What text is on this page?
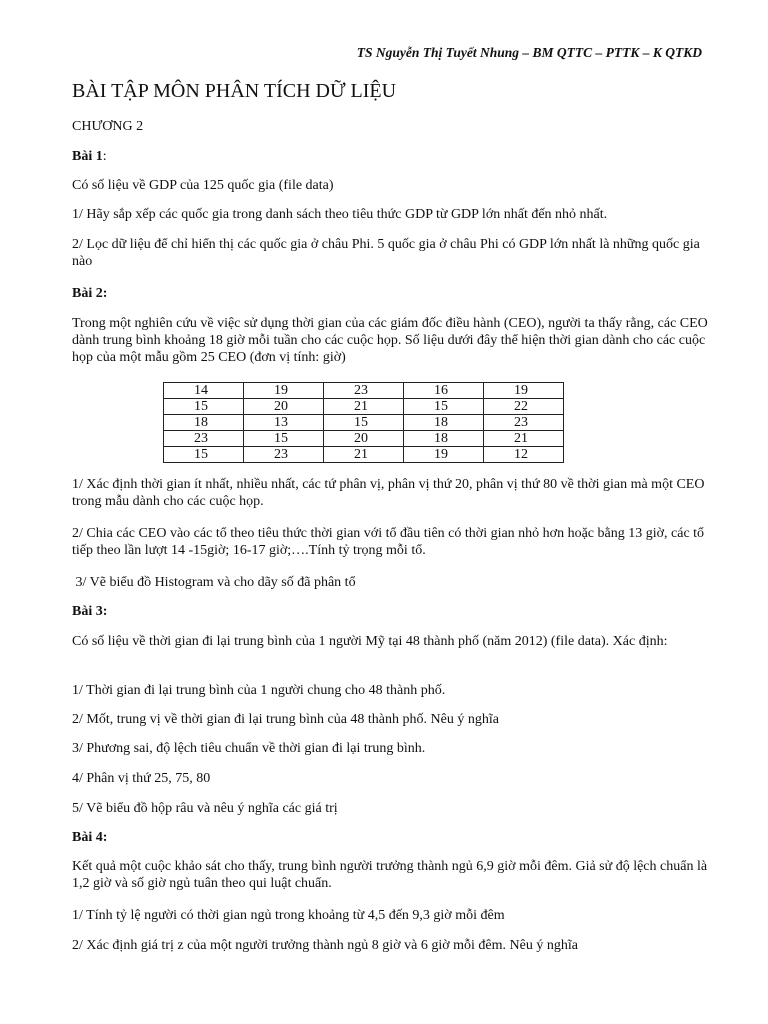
TS Nguyễn Thị Tuyết Nhung – BM QTTC – PTTK – K QTKD
BÀI TẬP MÔN PHÂN TÍCH DỮ LIỆU

CHƯƠNG 2

Bài 1:

Có số liệu về GDP của 125 quốc gia (file data)

1/ Hãy sắp xếp các quốc gia trong danh sách theo tiêu thức GDP từ GDP lớn nhất đến nhỏ nhất.

2/ Lọc dữ liệu để chỉ hiển thị các quốc gia ở châu Phi. 5 quốc gia ở châu Phi có GDP lớn nhất là những quốc gia nào

Bài 2:

Trong một nghiên cứu về việc sử dụng thời gian của các giám đốc điều hành (CEO), người ta thấy rằng, các CEO dành trung bình khoảng 18 giờ mỗi tuần cho các cuộc họp. Số liệu dưới đây thể hiện thời gian dành cho các cuộc họp của một mẫu gồm 25 CEO (đơn vị tính: giờ)

14	19	23	16	19
15	20	21	15	22
18	13	15	18	23
23	15	20	18	21
15	23	21	19	12

1/ Xác định thời gian ít nhất, nhiều nhất, các tứ phân vị, phân vị thứ 20, phân vị thứ 80 về thời gian mà một CEO trong mẫu dành cho các cuộc họp.

2/ Chia các CEO vào các tổ theo tiêu thức thời gian với tổ đầu tiên có thời gian nhỏ hơn hoặc bằng 13 giờ, các tổ tiếp theo lần lượt 14 -15giờ; 16-17 giờ;….Tính tỷ trọng mỗi tổ.

3/ Vẽ biểu đồ Histogram và cho dãy số đã phân tổ

Bài 3:

Có số liệu về thời gian đi lại trung bình của 1 người Mỹ tại 48 thành phố (năm 2012) (file data). Xác định:

1/ Thời gian đi lại trung bình của 1 người chung cho 48 thành phố.

2/ Mốt, trung vị về thời gian đi lại trung bình của 48 thành phố. Nêu ý nghĩa

3/ Phương sai, độ lệch tiêu chuẩn về thời gian đi lại trung bình.

4/ Phân vị thứ 25, 75, 80

5/ Vẽ biểu đồ hộp râu và nêu ý nghĩa các giá trị

Bài 4:

Kết quả một cuộc khảo sát cho thấy, trung bình người trưởng thành ngủ 6,9 giờ mỗi đêm. Giả sử độ lệch chuẩn là 1,2 giờ và số giờ ngủ tuân theo qui luật chuẩn.

1/ Tính tỷ lệ người có thời gian ngủ trong khoảng từ 4,5 đến 9,3 giờ mỗi đêm

2/ Xác định giá trị z của một người trưởng thành ngủ 8 giờ và 6 giờ mỗi đêm. Nêu ý nghĩa
